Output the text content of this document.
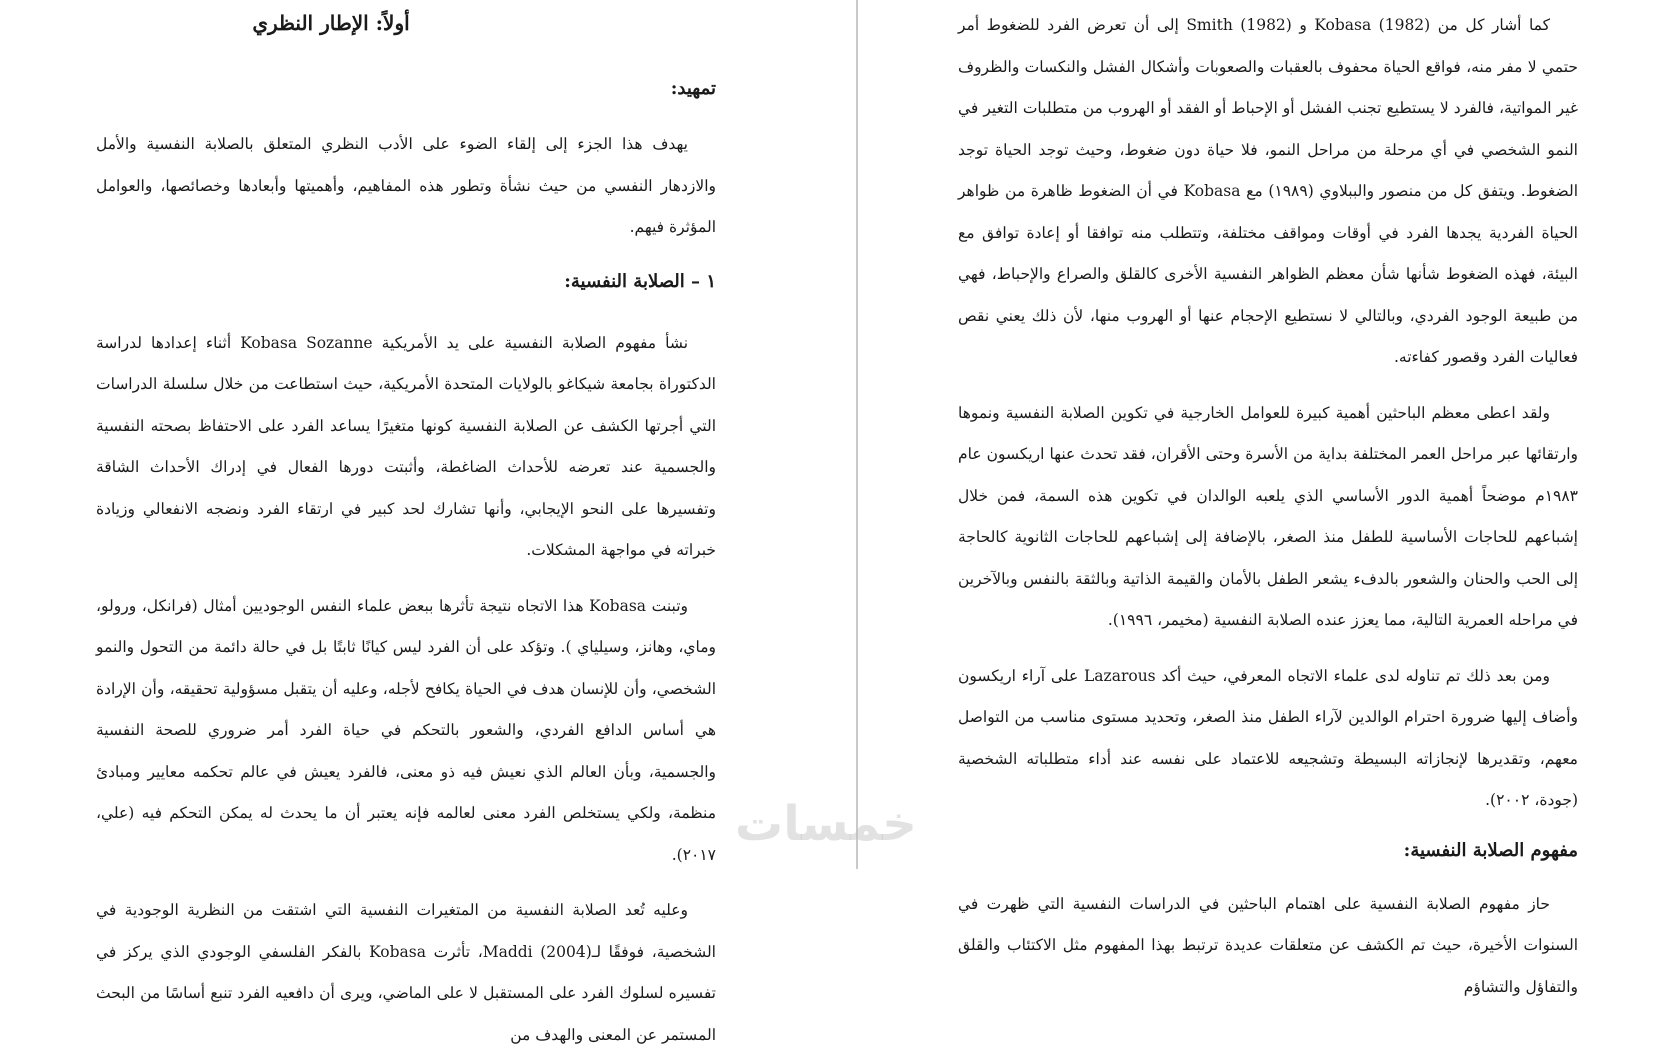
أولاً: الإطار النظري
تمهيد:
يهدف هذا الجزء إلى إلقاء الضوء على الأدب النظري المتعلق بالصلابة النفسية والأمل والازدهار النفسي من حيث نشأة وتطور هذه المفاهيم، وأهميتها وأبعادها وخصائصها، والعوامل المؤثرة فيهم.
١ – الصلابة النفسية:
نشأ مفهوم الصلابة النفسية على يد الأمريكية Kobasa Sozanne أثناء إعدادها لدراسة الدكتوراة بجامعة شيكاغو بالولايات المتحدة الأمريكية، حيث استطاعت من خلال سلسلة الدراسات التي أجرتها الكشف عن الصلابة النفسية كونها متغيرًا يساعد الفرد على الاحتفاظ بصحته النفسية والجسمية عند تعرضه للأحداث الضاغطة، وأثبتت دورها الفعال في إدراك الأحداث الشاقة وتفسيرها على النحو الإيجابي، وأنها تشارك لحد كبير في ارتقاء الفرد ونضجه الانفعالي وزيادة خبراته في مواجهة المشكلات.
وتبنت Kobasa هذا الاتجاه نتيجة تأثرها ببعض علماء النفس الوجوديين أمثال (فرانكل، ورولو، وماي، وهانز، وسيلياي ). وتؤكد على أن الفرد ليس كيانًا ثابتًا بل في حالة دائمة من التحول والنمو الشخصي، وأن للإنسان هدف في الحياة يكافح لأجله، وعليه أن يتقبل مسؤولية تحقيقه، وأن الإرادة هي أساس الدافع الفردي، والشعور بالتحكم في حياة الفرد أمر ضروري للصحة النفسية والجسمية، وبأن العالم الذي نعيش فيه ذو معنى، فالفرد يعيش في عالم تحكمه معايير ومبادئ منظمة، ولكي يستخلص الفرد معنى لعالمه فإنه يعتبر أن ما يحدث له يمكن التحكم فيه (علي، ٢٠١٧).
وعليه تُعد الصلابة النفسية من المتغيرات النفسية التي اشتقت من النظرية الوجودية في الشخصية، فوفقًا لـMaddi (2004)، تأثرت Kobasa بالفكر الفلسفي الوجودي الذي يركز في تفسيره لسلوك الفرد على المستقبل لا على الماضي، ويرى أن دافعيه الفرد تنبع أساسًا من البحث المستمر عن المعنى والهدف من
كما أشار كل من Kobasa (1982) و Smith (1982) إلى أن تعرض الفرد للضغوط أمر حتمي لا مفر منه، فواقع الحياة محفوف بالعقبات والصعوبات وأشكال الفشل والنكسات والظروف غير المواتية، فالفرد لا يستطيع تجنب الفشل أو الإحباط أو الفقد أو الهروب من متطلبات التغير في النمو الشخصي في أي مرحلة من مراحل النمو، فلا حياة دون ضغوط، وحيث توجد الحياة توجد الضغوط. ويتفق كل من منصور والببلاوي (١٩٨٩) مع Kobasa في أن الضغوط ظاهرة من ظواهر الحياة الفردية يجدها الفرد في أوقات ومواقف مختلفة، وتتطلب منه توافقا أو إعادة توافق مع البيئة، فهذه الضغوط شأنها شأن معظم الظواهر النفسية الأخرى كالقلق والصراع والإحباط، فهي من طبيعة الوجود الفردي، وبالتالي لا نستطيع الإحجام عنها أو الهروب منها، لأن ذلك يعني نقص فعاليات الفرد وقصور كفاءته.
ولقد اعطى معظم الباحثين أهمية كبيرة للعوامل الخارجية في تكوين الصلابة النفسية ونموها وارتقائها عبر مراحل العمر المختلفة بداية من الأسرة وحتى الأقران، فقد تحدث عنها اريكسون عام ١٩٨٣م موضحاً أهمية الدور الأساسي الذي يلعبه الوالدان في تكوين هذه السمة، فمن خلال إشباعهم للحاجات الأساسية للطفل منذ الصغر، بالإضافة إلى إشباعهم للحاجات الثانوية كالحاجة إلى الحب والحنان والشعور بالدفء يشعر الطفل بالأمان والقيمة الذاتية وبالثقة بالنفس وبالآخرين في مراحله العمرية التالية، مما يعزز عنده الصلابة النفسية (مخيمر، ١٩٩٦).
ومن بعد ذلك تم تناوله لدى علماء الاتجاه المعرفي، حيث أكد Lazarous على آراء اريكسون وأضاف إليها ضرورة احترام الوالدين لآراء الطفل منذ الصغر، وتحديد مستوى مناسب من التواصل معهم، وتقديرها لإنجازاته البسيطة وتشجيعه للاعتماد على نفسه عند أداء متطلباته الشخصية (جودة، ٢٠٠٢).
مفهوم الصلابة النفسية:
حاز مفهوم الصلابة النفسية على اهتمام الباحثين في الدراسات النفسية التي ظهرت في السنوات الأخيرة، حيث تم الكشف عن متعلقات عديدة ترتبط بهذا المفهوم مثل الاكتئاب والقلق والتفاؤل والتشاؤم
خمسات
